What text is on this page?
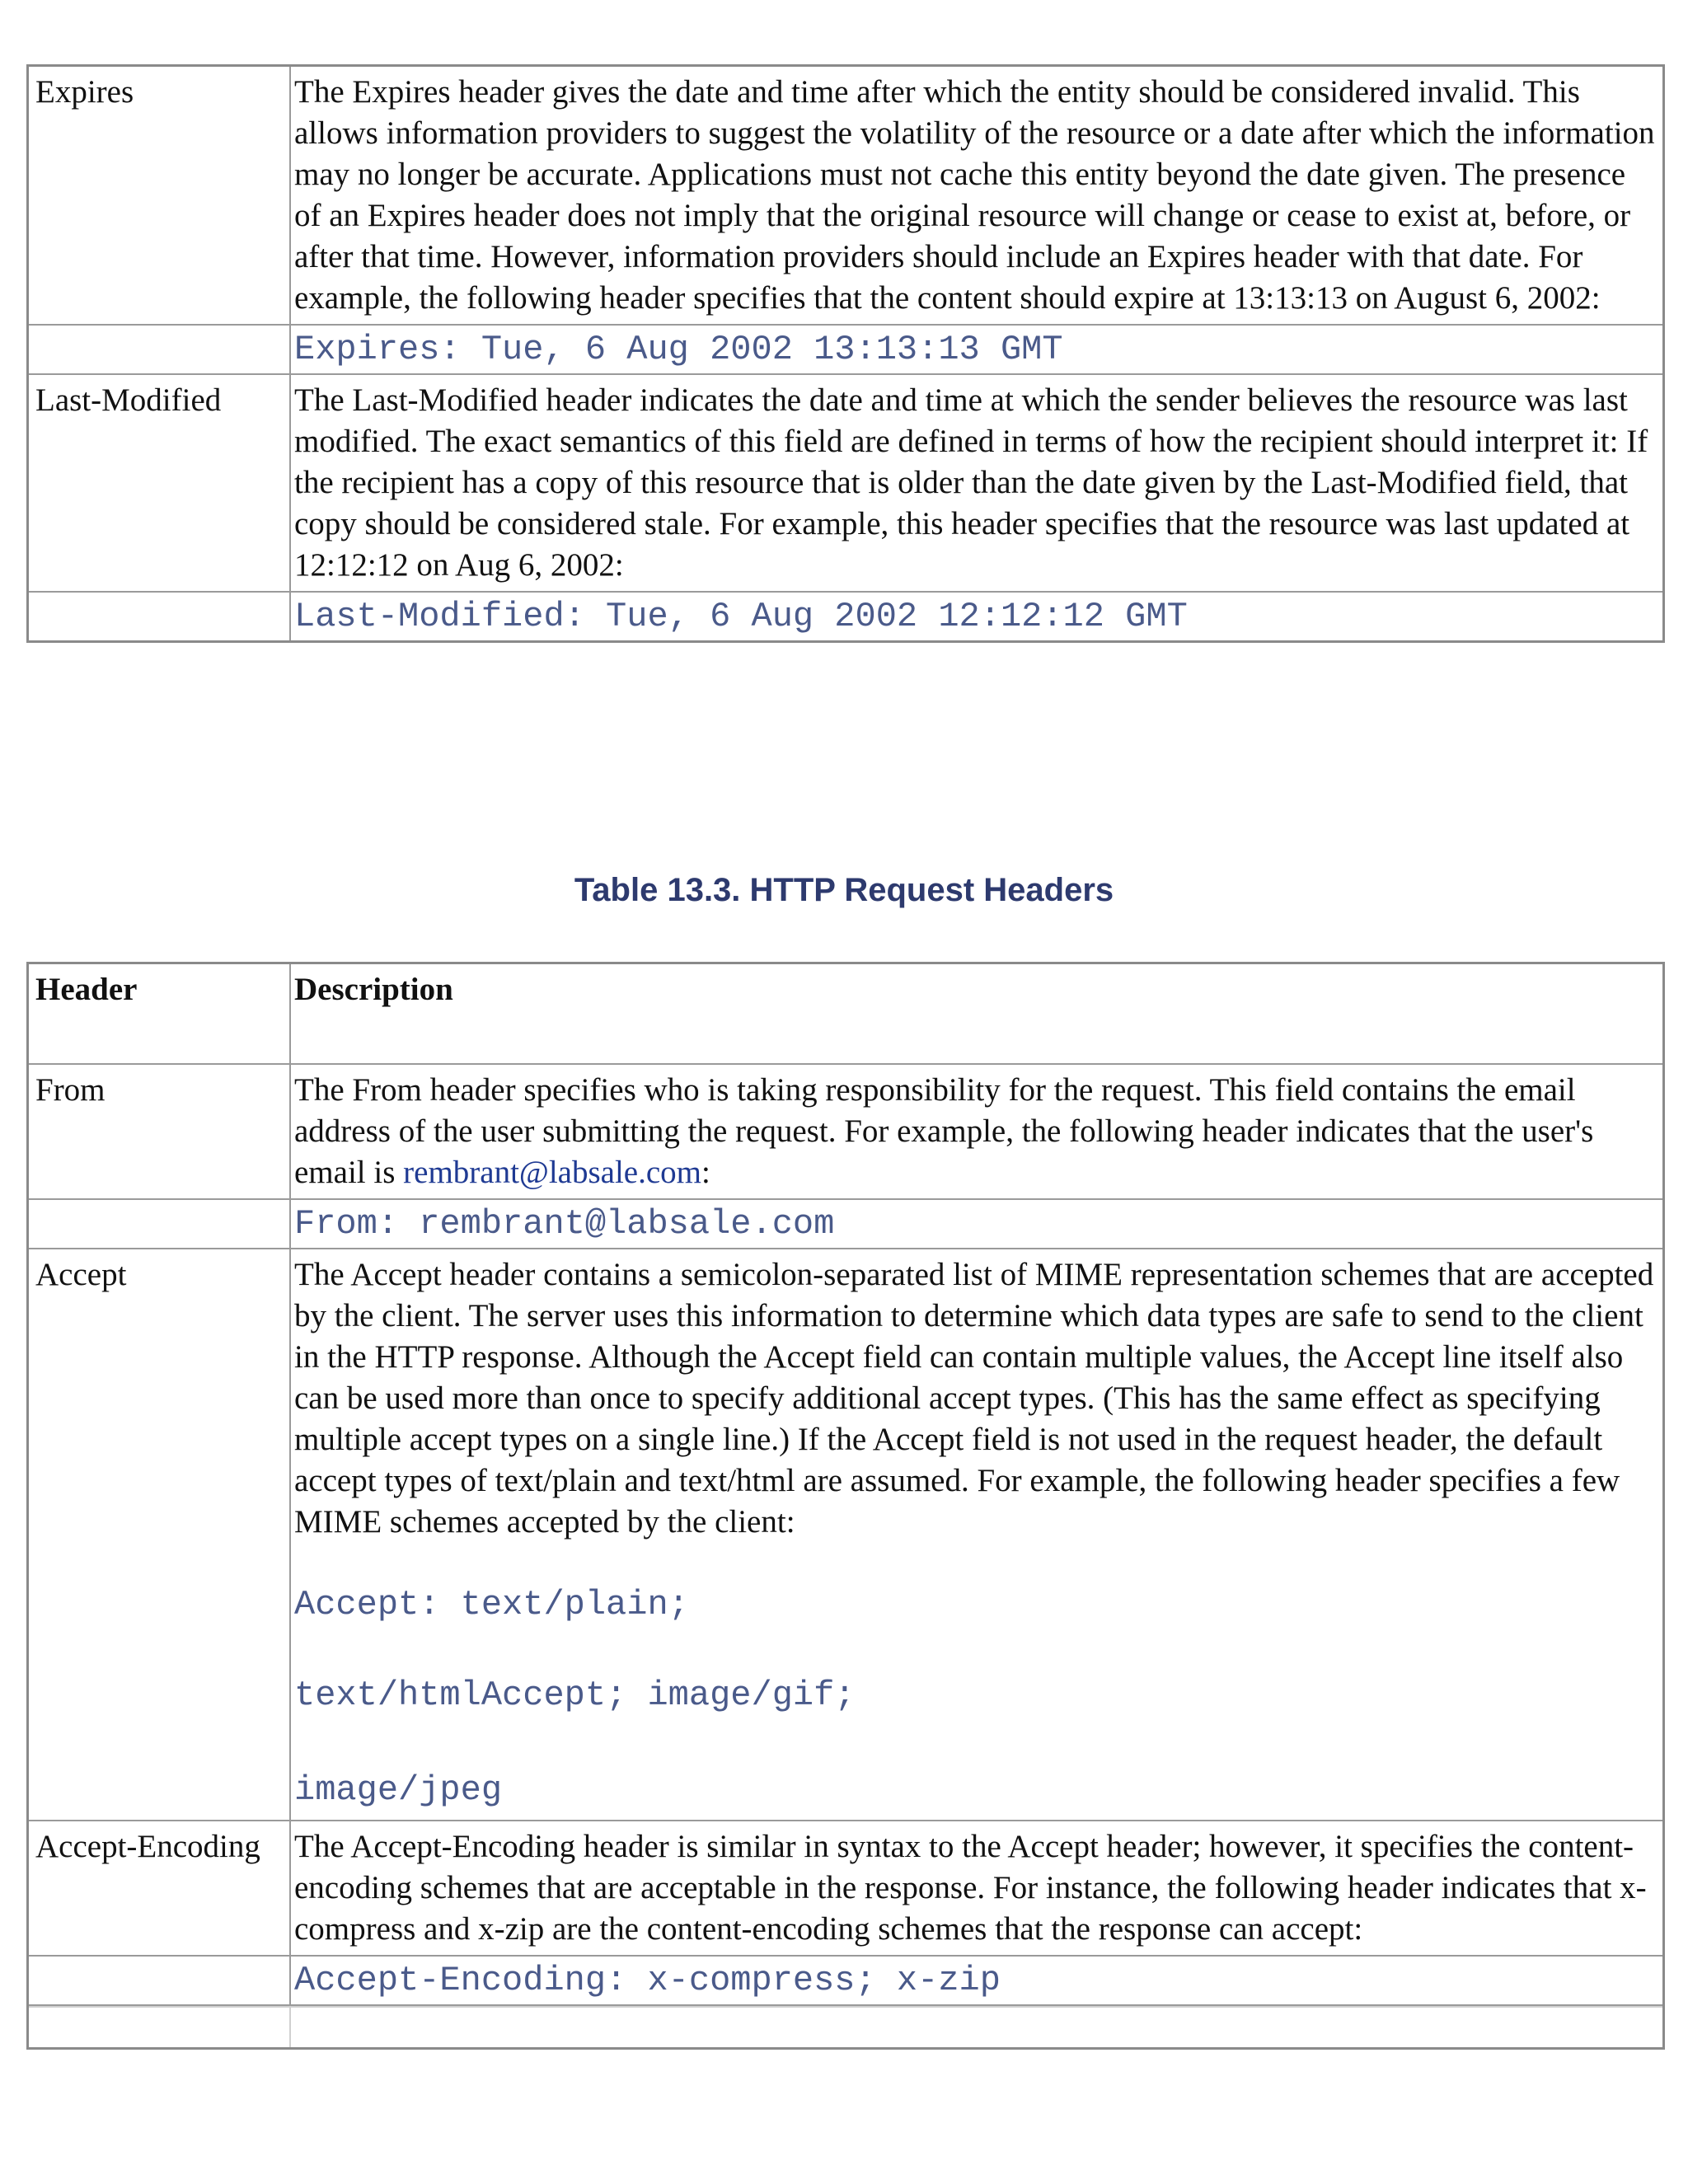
Expires	The Expires header gives the date and time after which the entity should be considered invalid. This allows information providers to suggest the volatility of the resource or a date after which the information may no longer be accurate. Applications must not cache this entity beyond the date given. The presence of an Expires header does not imply that the original resource will change or cease to exist at, before, or after that time. However, information providers should include an Expires header with that date. For example, the following header specifies that the content should expire at 13:13:13 on August 6, 2002:
Expires: Tue, 6 Aug 2002 13:13:13 GMT
Last-Modified	The Last-Modified header indicates the date and time at which the sender believes the resource was last modified. The exact semantics of this field are defined in terms of how the recipient should interpret it: If the recipient has a copy of this resource that is older than the date given by the Last-Modified field, that copy should be considered stale. For example, this header specifies that the resource was last updated at 12:12:12 on Aug 6, 2002:
Last-Modified: Tue, 6 Aug 2002 12:12:12 GMT
Table 13.3. HTTP Request Headers
Header	Description
From	The From header specifies who is taking responsibility for the request. This field contains the email address of the user submitting the request. For example, the following header indicates that the user's email is rembrant@labsale.com:
From: rembrant@labsale.com
Accept	The Accept header contains a semicolon-separated list of MIME representation schemes that are accepted by the client. The server uses this information to determine which data types are safe to send to the client in the HTTP response. Although the Accept field can contain multiple values, the Accept line itself also can be used more than once to specify additional accept types. (This has the same effect as specifying multiple accept types on a single line.) If the Accept field is not used in the request header, the default accept types of text/plain and text/html are assumed. For example, the following header specifies a few MIME schemes accepted by the client:
Accept: text/plain;
text/htmlAccept; image/gif;
image/jpeg
Accept-Encoding	The Accept-Encoding header is similar in syntax to the Accept header; however, it specifies the content-encoding schemes that are acceptable in the response. For instance, the following header indicates that x-compress and x-zip are the content-encoding schemes that the response can accept:
Accept-Encoding: x-compress; x-zip
